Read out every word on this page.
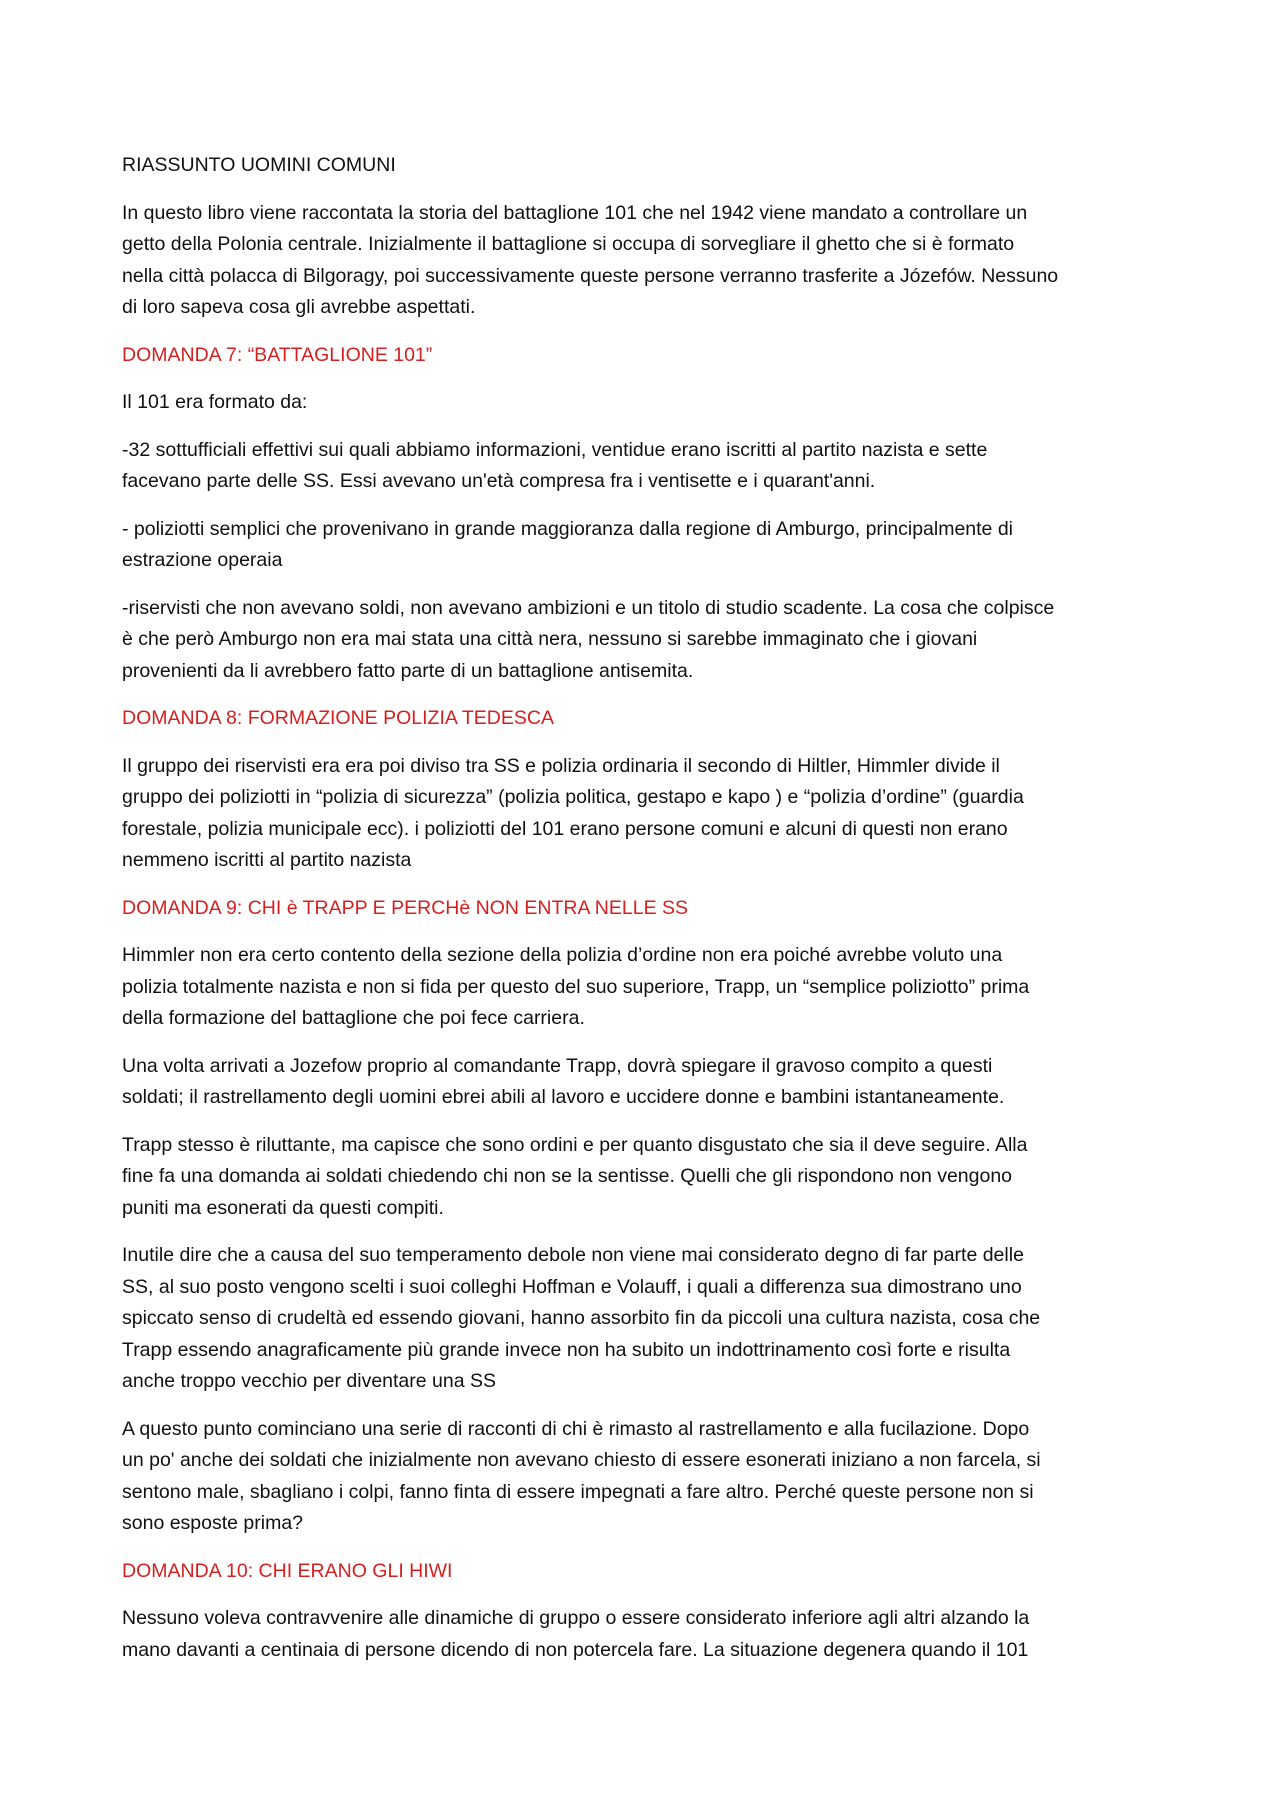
RIASSUNTO UOMINI COMUNI
In questo libro viene raccontata la storia del battaglione 101 che nel 1942 viene mandato a controllare un
getto della Polonia centrale. Inizialmente il battaglione si occupa di sorvegliare il ghetto che si è formato
nella città polacca di Bilgoragy, poi successivamente queste persone verranno trasferite a Józefów. Nessuno
di loro sapeva cosa gli avrebbe aspettati.
DOMANDA 7: “BATTAGLIONE 101”
Il 101 era formato da:
-32 sottufficiali effettivi sui quali abbiamo informazioni, ventidue erano iscritti al partito nazista e sette
facevano parte delle SS. Essi avevano un'età compresa fra i ventisette e i quarant'anni.
- poliziotti semplici che provenivano in grande maggioranza dalla regione di Amburgo, principalmente di
estrazione operaia
-riservisti che non avevano soldi, non avevano ambizioni e un titolo di studio scadente. La cosa che colpisce
è che però Amburgo non era mai stata una città nera, nessuno si sarebbe immaginato che i giovani
provenienti da li avrebbero fatto parte di un battaglione antisemita.
DOMANDA 8: FORMAZIONE POLIZIA TEDESCA
Il gruppo dei riservisti era era poi diviso tra SS e polizia ordinaria il secondo di Hiltler, Himmler divide il
gruppo dei poliziotti in “polizia di sicurezza” (polizia politica, gestapo e kapo ) e “polizia d’ordine” (guardia
forestale, polizia municipale ecc). i poliziotti del 101 erano persone comuni e alcuni di questi non erano
nemmeno iscritti al partito nazista
DOMANDA 9: CHI è TRAPP E PERCHè NON ENTRA NELLE SS
Himmler non era certo contento della sezione della polizia d’ordine non era poiché avrebbe voluto una
polizia totalmente nazista e non si fida per questo del suo superiore, Trapp, un “semplice poliziotto” prima
della formazione del battaglione che poi fece carriera.
Una volta arrivati a Jozefow proprio al comandante Trapp, dovrà spiegare il gravoso compito a questi
soldati; il rastrellamento degli uomini ebrei abili al lavoro e uccidere donne e bambini istantaneamente.
Trapp stesso è riluttante, ma capisce che sono ordini e per quanto disgustato che sia il deve seguire. Alla
fine fa una domanda ai soldati chiedendo chi non se la sentisse. Quelli che gli rispondono non vengono
puniti ma esonerati da questi compiti.
Inutile dire che a causa del suo temperamento debole non viene mai considerato degno di far parte delle
SS, al suo posto vengono scelti i suoi colleghi Hoffman e Volauff, i quali a differenza sua dimostrano uno
spiccato senso di crudeltà ed essendo giovani, hanno assorbito fin da piccoli una cultura nazista, cosa che
Trapp essendo anagraficamente più grande invece non ha subito un indottrinamento così forte e risulta
anche troppo vecchio per diventare una SS
A questo punto cominciano una serie di racconti di chi è rimasto al rastrellamento e alla fucilazione. Dopo
un po' anche dei soldati che inizialmente non avevano chiesto di essere esonerati iniziano a non farcela, si
sentono male, sbagliano i colpi, fanno finta di essere impegnati a fare altro. Perché queste persone non si
sono esposte prima?
DOMANDA 10: CHI ERANO GLI HIWI
Nessuno voleva contravvenire alle dinamiche di gruppo o essere considerato inferiore agli altri alzando la
mano davanti a centinaia di persone dicendo di non potercela fare. La situazione degenera quando il 101
